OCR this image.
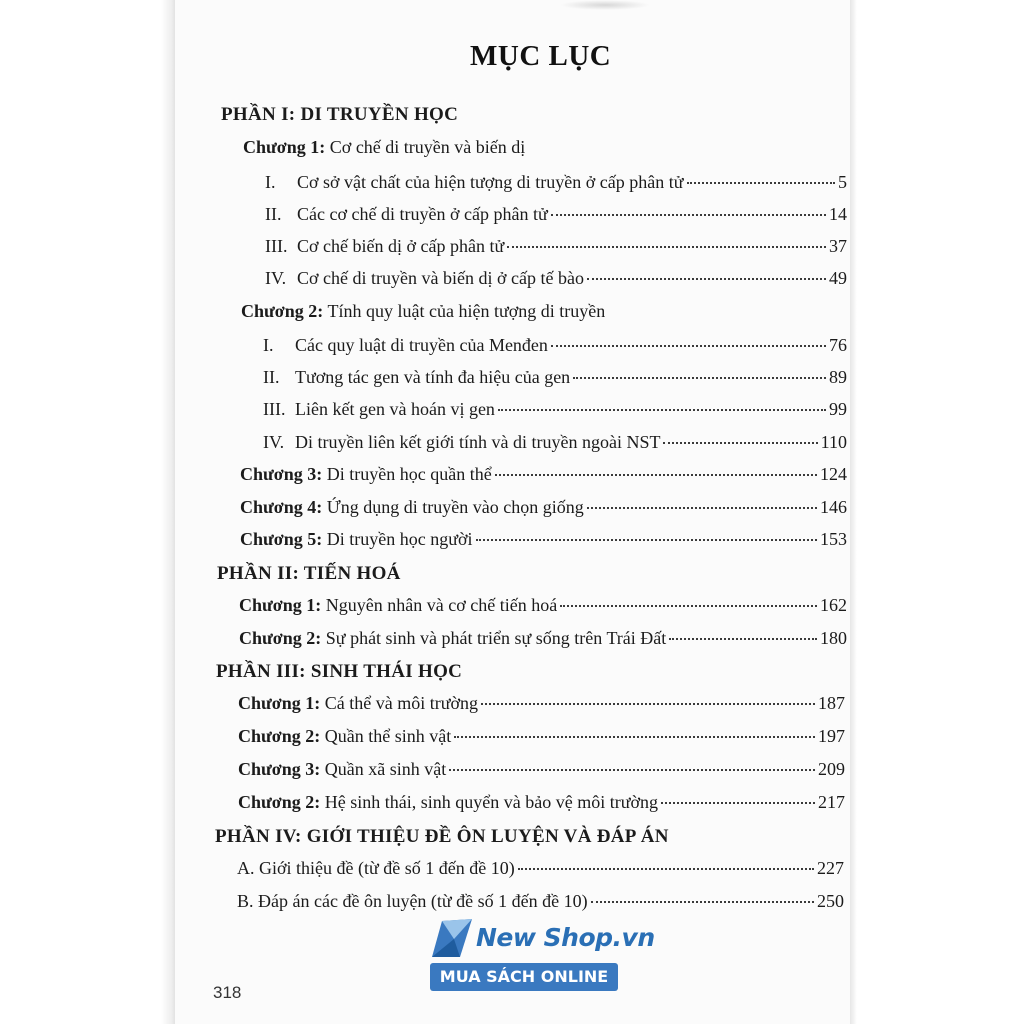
MỤC LỤC
PHẦN I: DI TRUYỀN HỌC
Chương 1: Cơ chế di truyền và biến dị
I. Cơ sở vật chất của hiện tượng di truyền ở cấp phân tử	5
II. Các cơ chế di truyền ở cấp phân tử	14
III. Cơ chế biến dị ở cấp phân tử	37
IV. Cơ chế di truyền và biến dị ở cấp tế bào	49
Chương 2: Tính quy luật của hiện tượng di truyền
I. Các quy luật di truyền của Menđen	76
II. Tương tác gen và tính đa hiệu của gen	89
III. Liên kết gen và hoán vị gen	99
IV. Di truyền liên kết giới tính và di truyền ngoài NST	110
Chương 3: Di truyền học quần thể	124
Chương 4: Ứng dụng di truyền vào chọn giống	146
Chương 5: Di truyền học người	153
PHẦN II: TIẾN HOÁ
Chương 1: Nguyên nhân và cơ chế tiến hoá	162
Chương 2: Sự phát sinh và phát triển sự sống trên Trái Đất	180
PHẦN III: SINH THÁI HỌC
Chương 1: Cá thể và môi trường	187
Chương 2: Quần thể sinh vật	197
Chương 3: Quần xã sinh vật	209
Chương 2: Hệ sinh thái, sinh quyển và bảo vệ môi trường	217
PHẦN IV: GIỚI THIỆU ĐỀ ÔN LUYỆN VÀ ĐÁP ÁN
A. Giới thiệu đề (từ đề số 1 đến đề 10)	227
B. Đáp án các đề ôn luyện (từ đề số 1 đến đề 10)	250
New Shop.vn
MUA SÁCH ONLINE
318
